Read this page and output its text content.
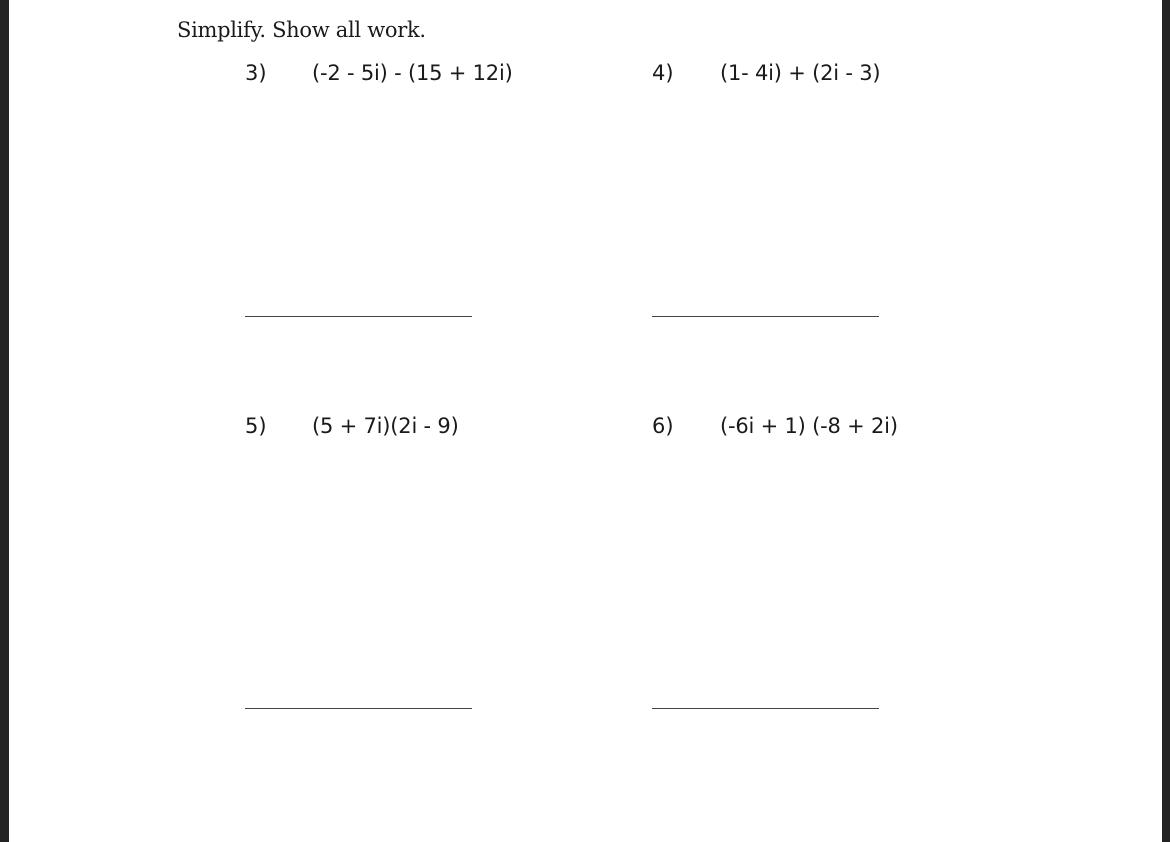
Simplify. Show all work.
3) (-2 - 5i) - (15 + 12i)	4) (1- 4i) + (2i - 3)
5) (5 + 7i)(2i - 9)	6) (-6i + 1) (-8 + 2i)
